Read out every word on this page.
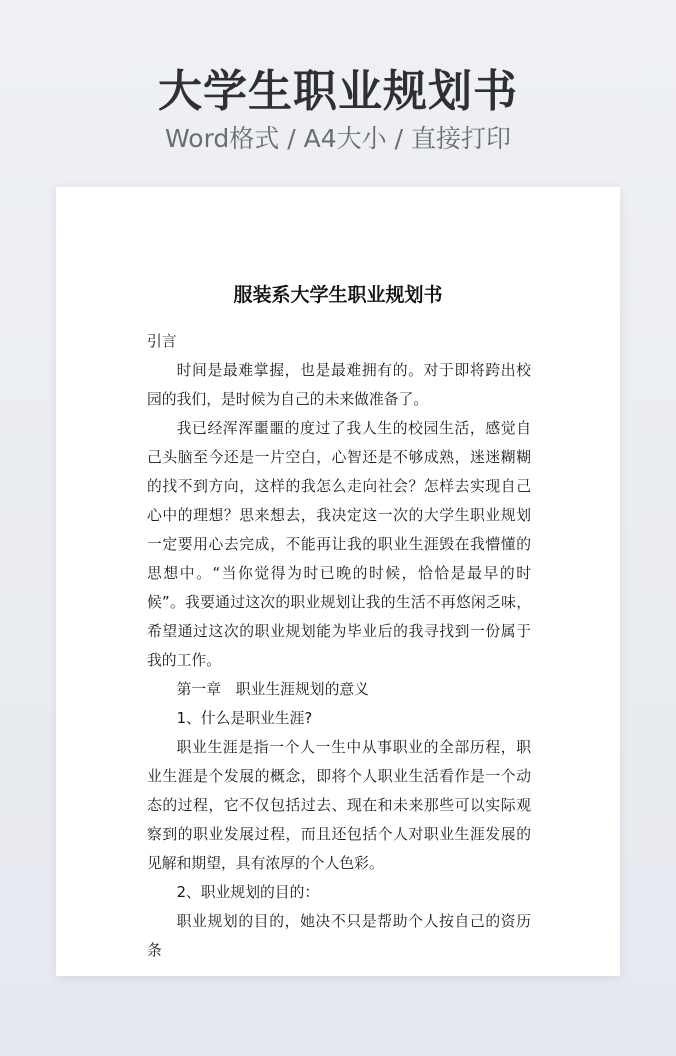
大学生职业规划书

Word格式 / A4大小 / 直接打印

服装系大学生职业规划书

引言

时间是最难掌握，也是最难拥有的。对于即将跨出校园的我们，是时候为自己的未来做准备了。

我已经浑浑噩噩的度过了我人生的校园生活，感觉自己头脑至今还是一片空白，心智还是不够成熟，迷迷糊糊的找不到方向，这样的我怎么走向社会？怎样去实现自己心中的理想？思来想去，我决定这一次的大学生职业规划一定要用心去完成，不能再让我的职业生涯毁在我懵懂的思想中。“当你觉得为时已晚的时候，恰恰是最早的时候”。我要通过这次的职业规划让我的生活不再悠闲乏味，希望通过这次的职业规划能为毕业后的我寻找到一份属于我的工作。

第一章　职业生涯规划的意义

1、什么是职业生涯?

职业生涯是指一个人一生中从事职业的全部历程，职业生涯是个发展的概念，即将个人职业生活看作是一个动态的过程，它不仅包括过去、现在和未来那些可以实际观察到的职业发展过程，而且还包括个人对职业生涯发展的见解和期望，具有浓厚的个人色彩。

2、职业规划的目的：

职业规划的目的，她决不只是帮助个人按自己的资历条
